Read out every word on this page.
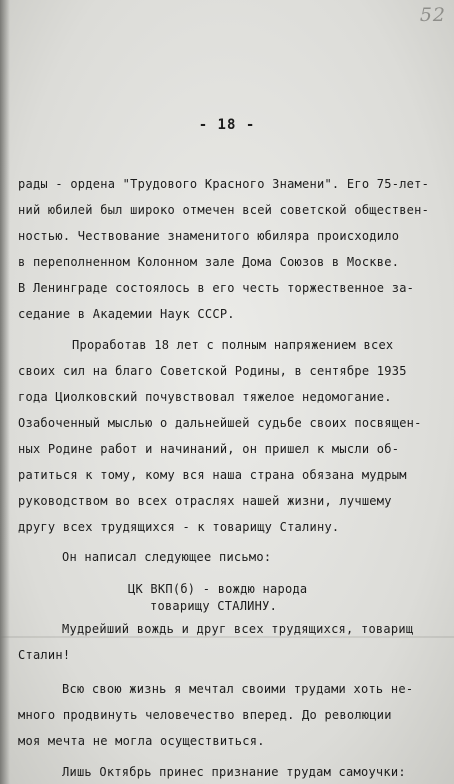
52
- 18 -
рады - ордена "Трудового Красного Знамени". Его 75-лет-
ний юбилей был широко отмечен всей советской обществен-
ностью. Чествование знаменитого юбиляра происходило
в переполненном Колонном зале Дома Союзов в Москве.
В Ленинграде состоялось в его честь торжественное за-
седание в Академии Наук СССР.
Проработав 18 лет с полным напряжением всех
своих сил на благо Советской Родины, в сентябре 1935
года Циолковский почувствовал тяжелое недомогание.
Озабоченный мыслью о дальнейшей судьбе своих посвящен-
ных Родине работ и начинаний, он пришел к мысли об-
ратиться к тому, кому вся наша страна обязана мудрым
руководством во всех отраслях нашей жизни, лучшему
другу всех трудящихся - к товарищу Сталину.
Он написал следующее письмо:
ЦК ВКП(б) - вождю народа
товарищу СТАЛИНУ.
Мудрейший вождь и друг всех трудящихся, товарищ
Сталин!
Всю свою жизнь я мечтал своими трудами хоть не-
много продвинуть человечество вперед. До революции
моя мечта не могла осуществиться.
Лишь Октябрь принес признание трудам самоучки:
